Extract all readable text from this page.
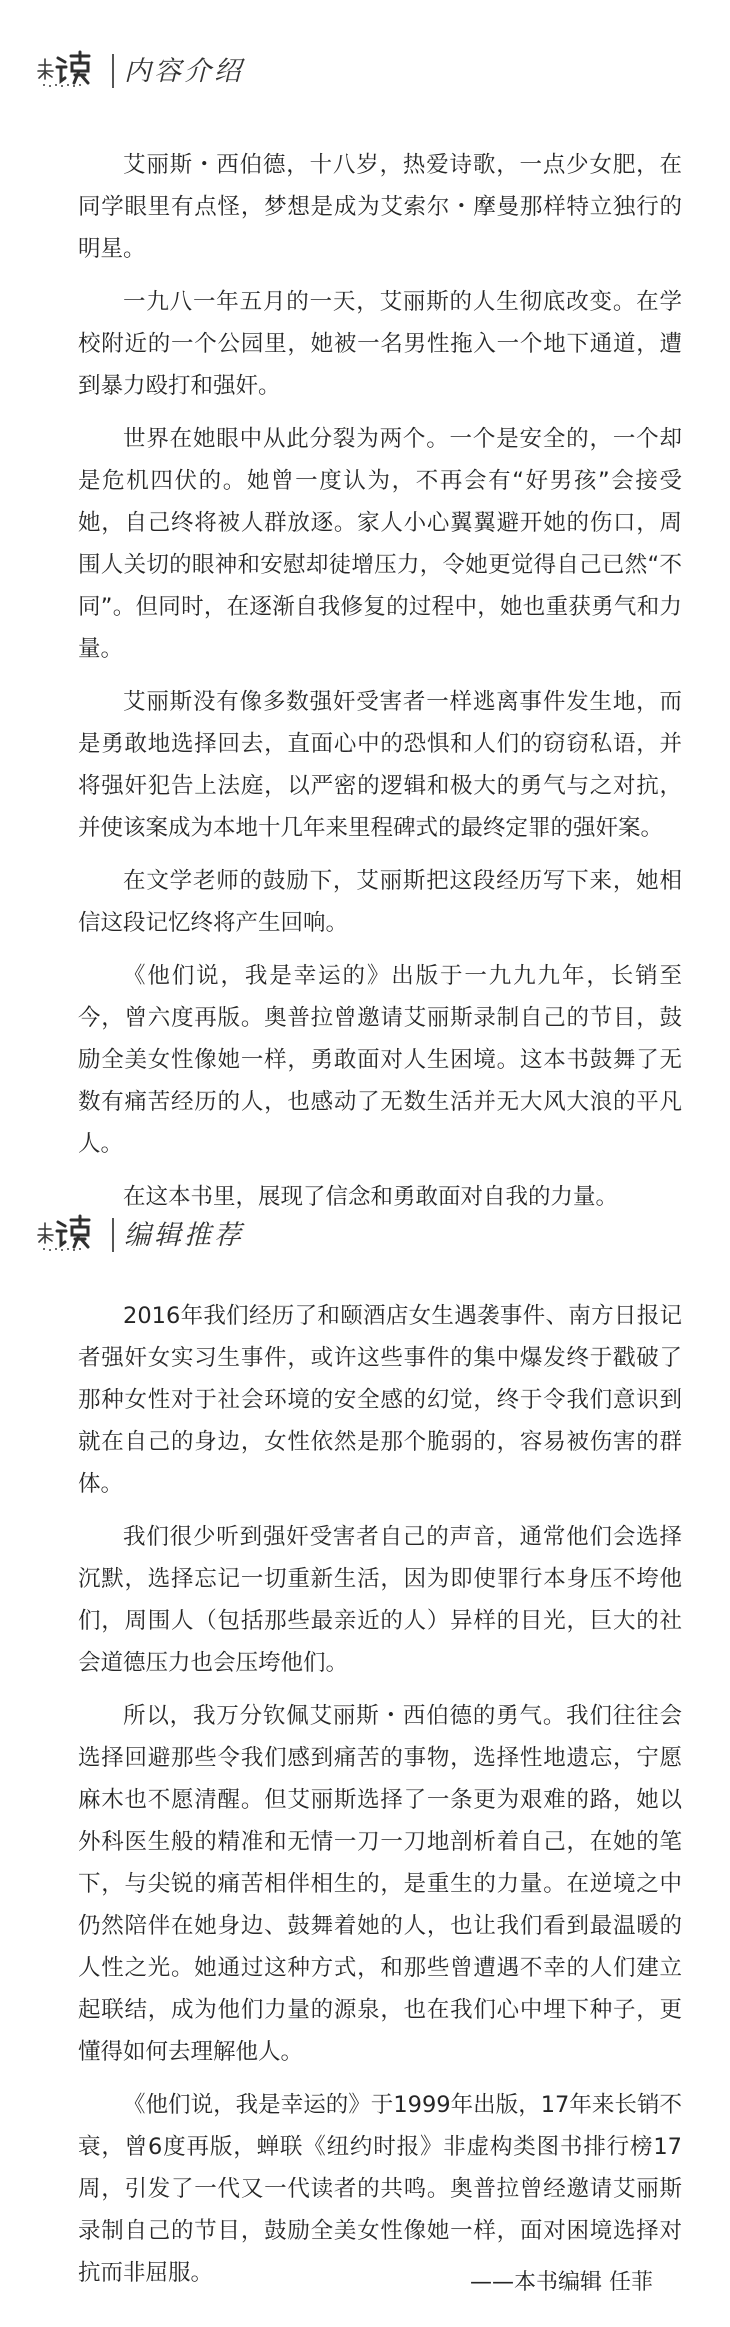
内容介绍

艾丽斯・西伯德，十八岁，热爱诗歌，一点少女肥，在同学眼里有点怪，梦想是成为艾索尔・摩曼那样特立独行的明星。

一九八一年五月的一天，艾丽斯的人生彻底改变。在学校附近的一个公园里，她被一名男性拖入一个地下通道，遭到暴力殴打和强奸。

世界在她眼中从此分裂为两个。一个是安全的，一个却是危机四伏的。她曾一度认为，不再会有“好男孩”会接受她，自己终将被人群放逐。家人小心翼翼避开她的伤口，周围人关切的眼神和安慰却徒增压力，令她更觉得自己已然“不同”。但同时，在逐渐自我修复的过程中，她也重获勇气和力量。

艾丽斯没有像多数强奸受害者一样逃离事件发生地，而是勇敢地选择回去，直面心中的恐惧和人们的窃窃私语，并将强奸犯告上法庭，以严密的逻辑和极大的勇气与之对抗，并使该案成为本地十几年来里程碑式的最终定罪的强奸案。

在文学老师的鼓励下，艾丽斯把这段经历写下来，她相信这段记忆终将产生回响。

《他们说，我是幸运的》出版于一九九九年，长销至今，曾六度再版。奥普拉曾邀请艾丽斯录制自己的节目，鼓励全美女性像她一样，勇敢面对人生困境。这本书鼓舞了无数有痛苦经历的人，也感动了无数生活并无大风大浪的平凡人。

在这本书里，展现了信念和勇敢面对自我的力量。

编辑推荐

2016年我们经历了和颐酒店女生遇袭事件、南方日报记者强奸女实习生事件，或许这些事件的集中爆发终于戳破了那种女性对于社会环境的安全感的幻觉，终于令我们意识到就在自己的身边，女性依然是那个脆弱的，容易被伤害的群体。

我们很少听到强奸受害者自己的声音，通常他们会选择沉默，选择忘记一切重新生活，因为即使罪行本身压不垮他们，周围人（包括那些最亲近的人）异样的目光，巨大的社会道德压力也会压垮他们。

所以，我万分钦佩艾丽斯・西伯德的勇气。我们往往会选择回避那些令我们感到痛苦的事物，选择性地遗忘，宁愿麻木也不愿清醒。但艾丽斯选择了一条更为艰难的路，她以外科医生般的精准和无情一刀一刀地剖析着自己，在她的笔下，与尖锐的痛苦相伴相生的，是重生的力量。在逆境之中仍然陪伴在她身边、鼓舞着她的人，也让我们看到最温暖的人性之光。她通过这种方式，和那些曾遭遇不幸的人们建立起联结，成为他们力量的源泉，也在我们心中埋下种子，更懂得如何去理解他人。

《他们说，我是幸运的》于1999年出版，17年来长销不衰，曾6度再版，蝉联《纽约时报》非虚构类图书排行榜17周，引发了一代又一代读者的共鸣。奥普拉曾经邀请艾丽斯录制自己的节目，鼓励全美女性像她一样，面对困境选择对抗而非屈服。	——本书编辑 任菲
